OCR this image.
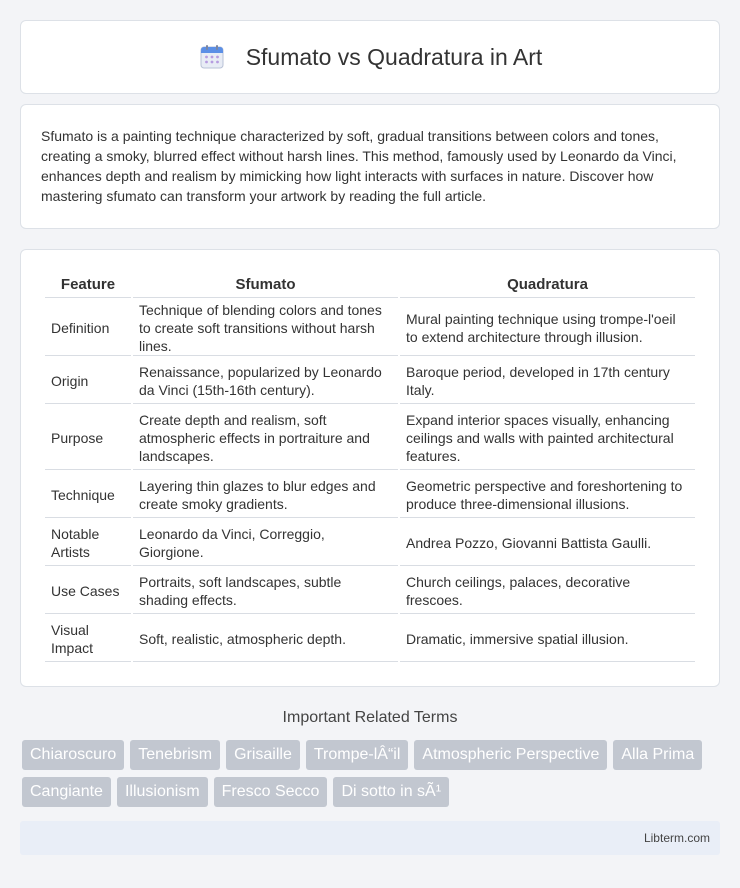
Sfumato vs Quadratura in Art

Sfumato is a painting technique characterized by soft, gradual transitions between colors and tones, creating a smoky, blurred effect without harsh lines. This method, famously used by Leonardo da Vinci, enhances depth and realism by mimicking how light interacts with surfaces in nature. Discover how mastering sfumato can transform your artwork by reading the full article.

Feature	Sfumato	Quadratura
Definition	Technique of blending colors and tones to create soft transitions without harsh lines.	Mural painting technique using trompe-l'oeil to extend architecture through illusion.
Origin	Renaissance, popularized by Leonardo da Vinci (15th-16th century).	Baroque period, developed in 17th century Italy.
Purpose	Create depth and realism, soft atmospheric effects in portraiture and landscapes.	Expand interior spaces visually, enhancing ceilings and walls with painted architectural features.
Technique	Layering thin glazes to blur edges and create smoky gradients.	Geometric perspective and foreshortening to produce three-dimensional illusions.
Notable Artists	Leonardo da Vinci, Correggio, Giorgione.	Andrea Pozzo, Giovanni Battista Gaulli.
Use Cases	Portraits, soft landscapes, subtle shading effects.	Church ceilings, palaces, decorative frescoes.
Visual Impact	Soft, realistic, atmospheric depth.	Dramatic, immersive spatial illusion.
Important Related Terms
Chiaroscuro	Tenebrism	Grisaille	Trompe-lÂ“il	Atmospheric Perspective	Alla Prima
Cangiante	Illusionism	Fresco Secco	Di sotto in sÃ¹
Libterm.com
